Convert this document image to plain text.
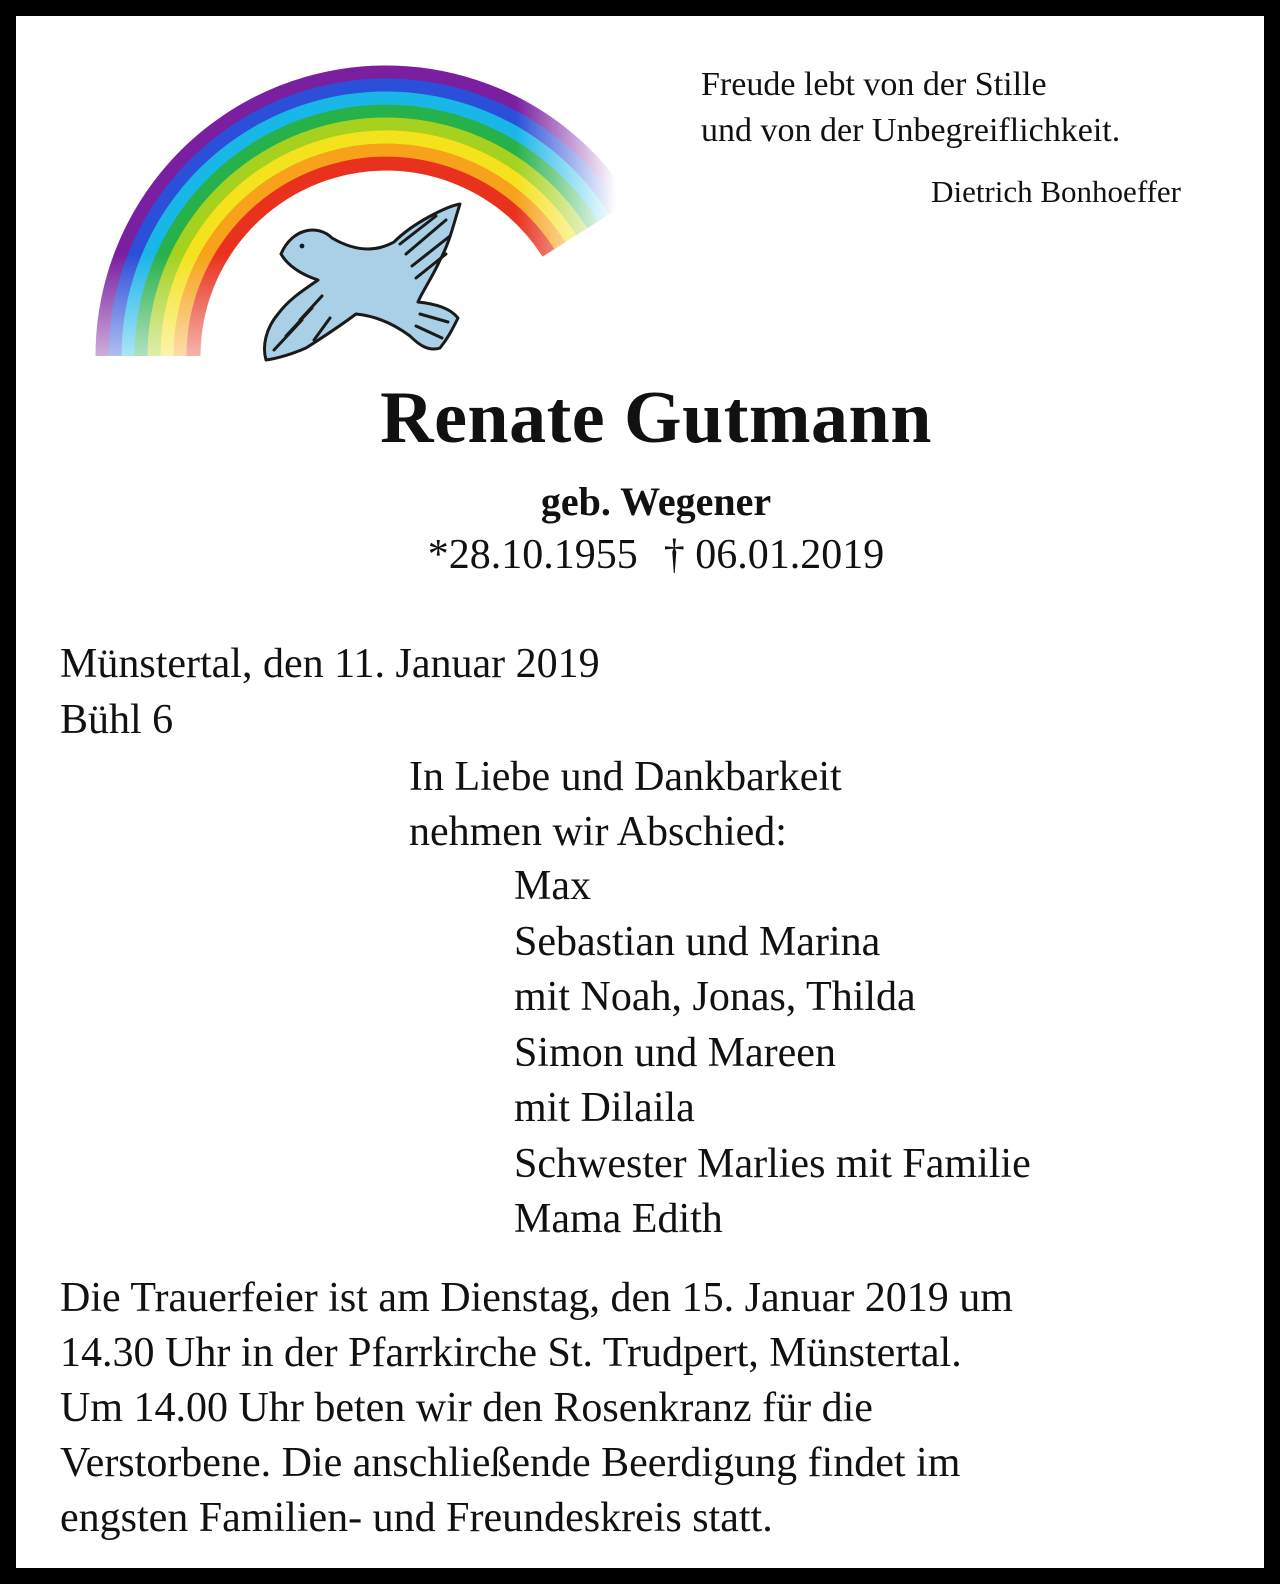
Freude lebt von der Stille
und von der Unbegreiflichkeit.
Dietrich Bonhoeffer
Renate Gutmann
geb. Wegener
*28.10.1955 † 06.01.2019
Münstertal, den 11. Januar 2019
Bühl 6
In Liebe und Dankbarkeit
nehmen wir Abschied:
Max
Sebastian und Marina
mit Noah, Jonas, Thilda
Simon und Mareen
mit Dilaila
Schwester Marlies mit Familie
Mama Edith
Die Trauerfeier ist am Dienstag, den 15. Januar 2019 um
14.30 Uhr in der Pfarrkirche St. Trudpert, Münstertal.
Um 14.00 Uhr beten wir den Rosenkranz für die
Verstorbene. Die anschließende Beerdigung findet im
engsten Familien- und Freundeskreis statt.
